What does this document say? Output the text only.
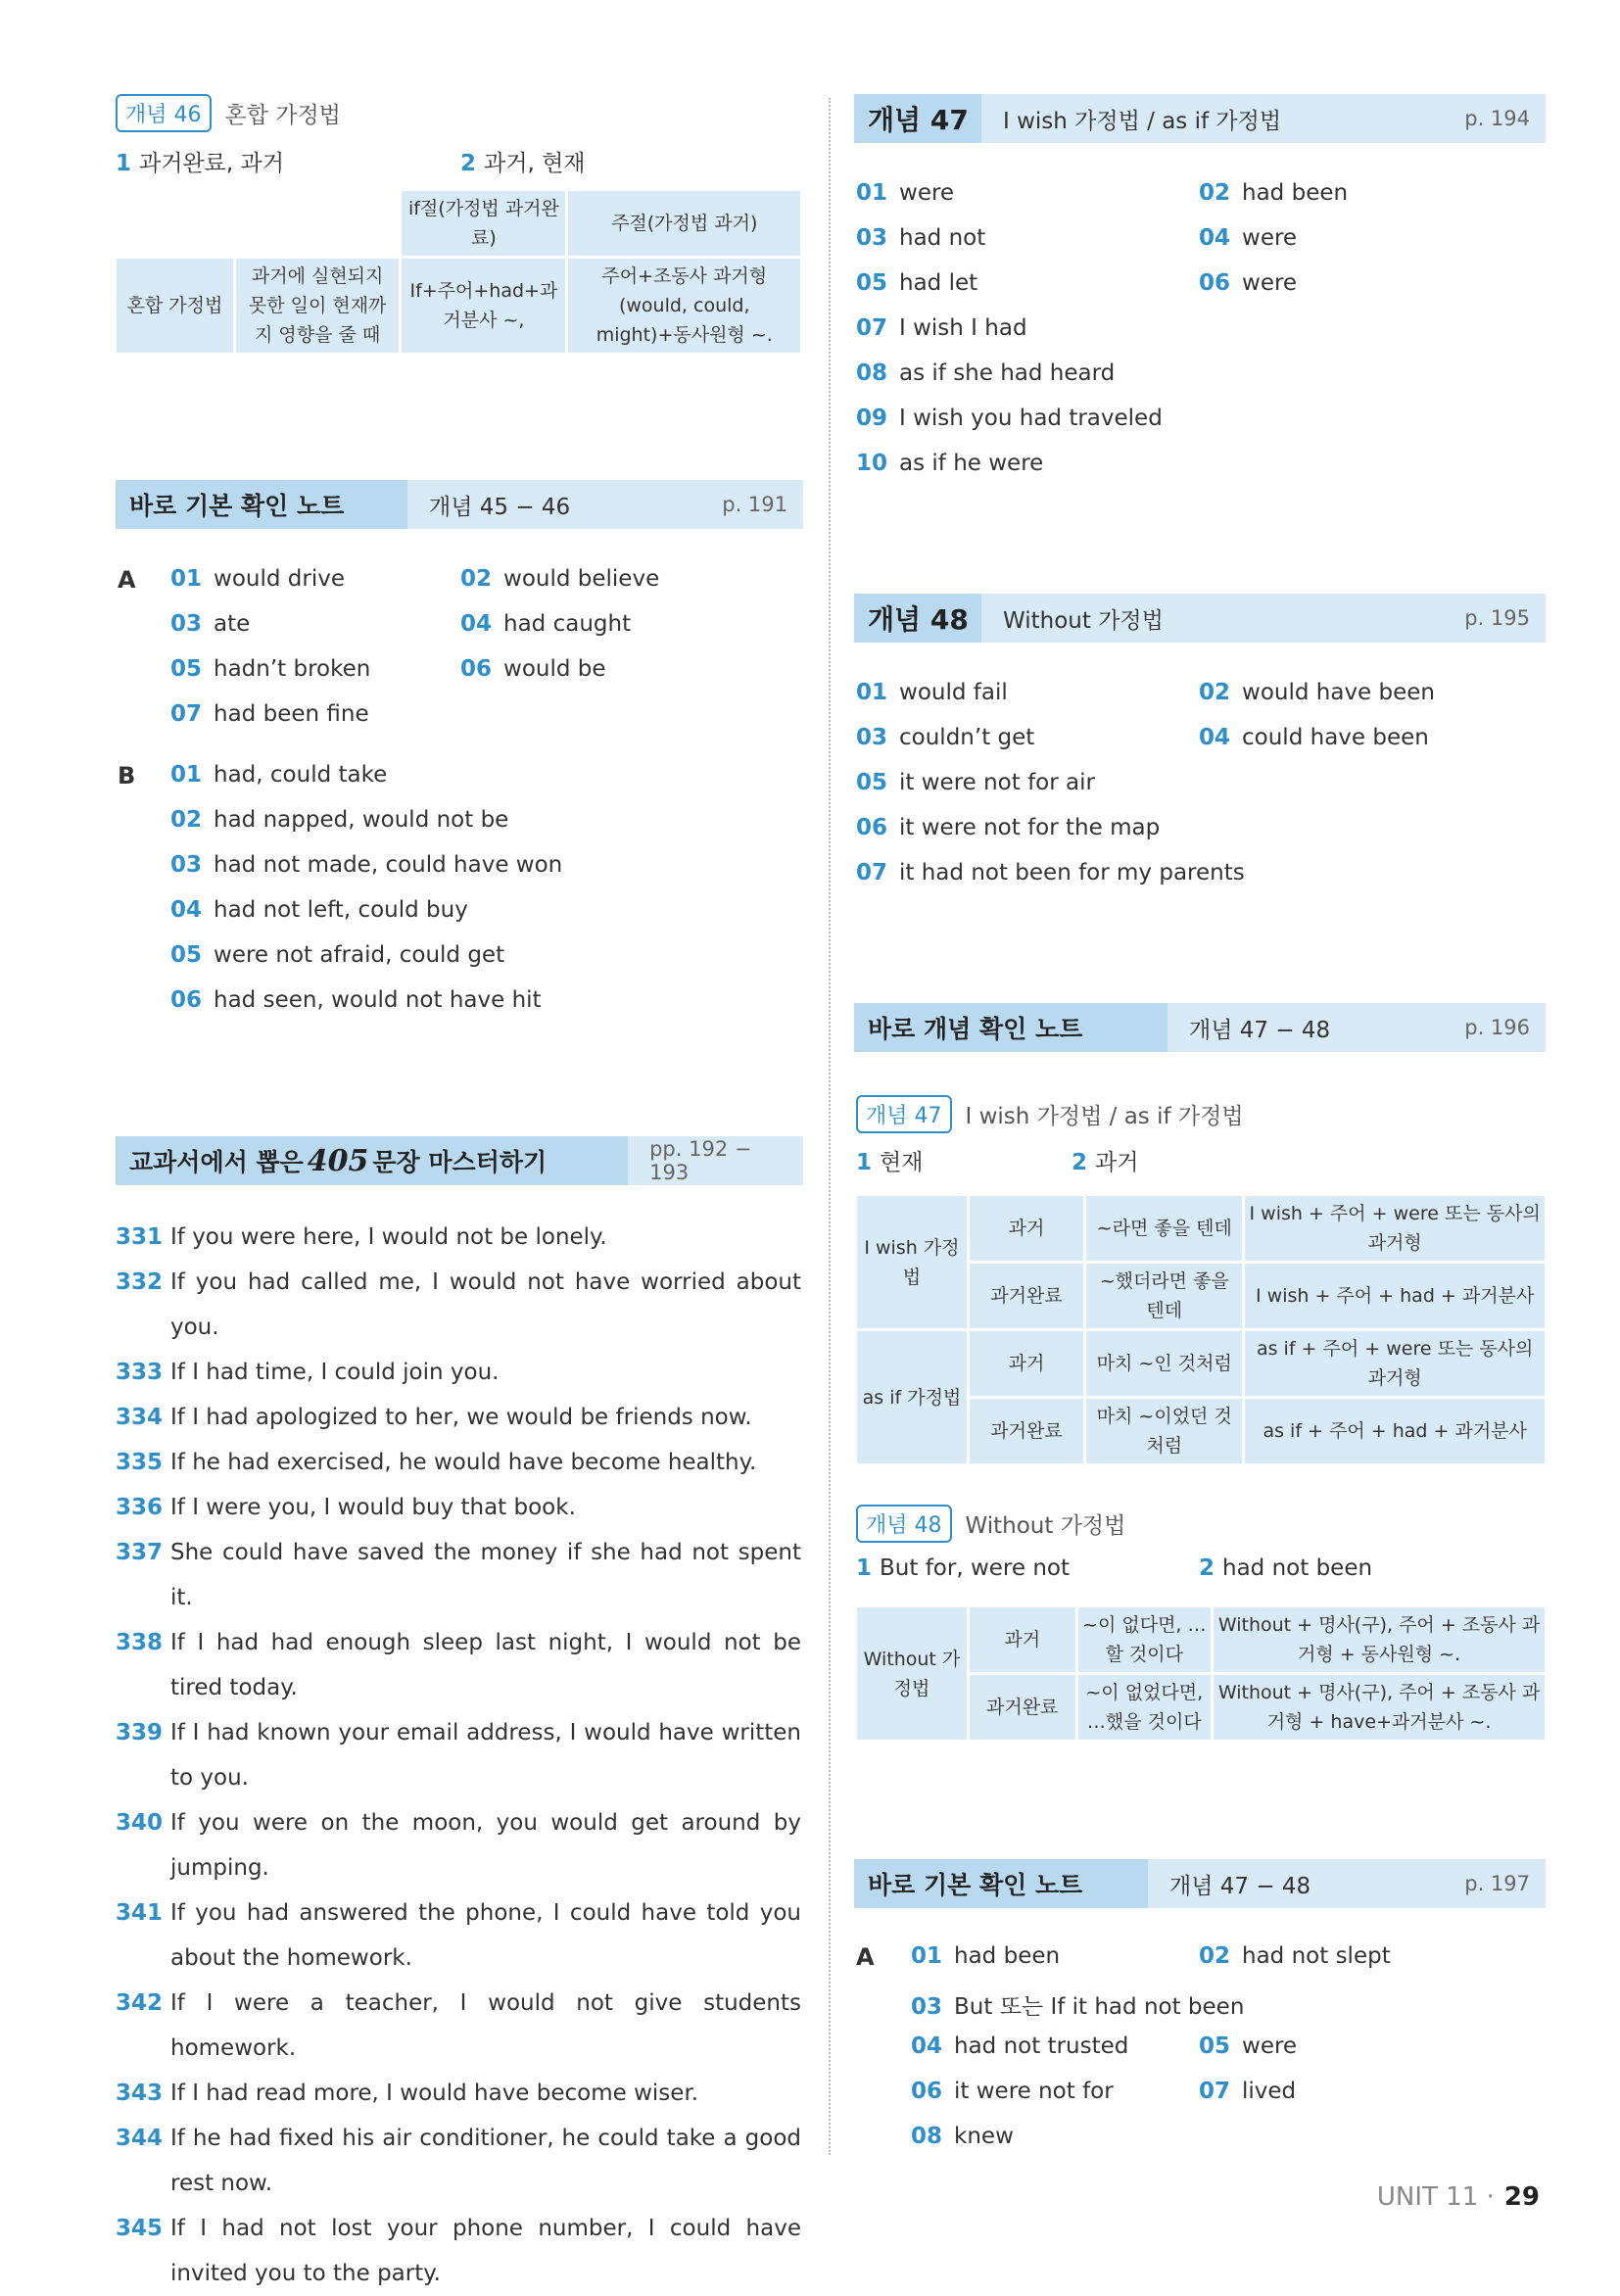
개념 46	혼합 가정법
1 과거완료, 과거	2 과거, 현재
		if절(가정법 과거완료)	주절(가정법 과거)
혼합 가정법	과거에 실현되지 못한 일이 현재까지 영향을 줄 때	If+주어+had+과거분사 ~,	주어+조동사 과거형 (would, could, might)+동사원형 ~.
바로 기본 확인 노트	개념 45 − 46	p. 191
A 01 would drive	02 would believe
03 ate	04 had caught
05 hadn’t broken	06 would be
07 had been fine
B 01 had, could take
02 had napped, would not be
03 had not made, could have won
04 had not left, could buy
05 were not afraid, could get
06 had seen, would not have hit
교과서에서 뽑은 405 문장 마스터하기	pp. 192 − 193
331 If you were here, I would not be lonely.
332 If you had called me, I would not have worried about you.
333 If I had time, I could join you.
334 If I had apologized to her, we would be friends now.
335 If he had exercised, he would have become healthy.
336 If I were you, I would buy that book.
337 She could have saved the money if she had not spent it.
338 If I had had enough sleep last night, I would not be tired today.
339 If I had known your email address, I would have written to you.
340 If you were on the moon, you would get around by jumping.
341 If you had answered the phone, I could have told you about the homework.
342 If I were a teacher, I would not give students homework.
343 If I had read more, I would have become wiser.
344 If he had fixed his air conditioner, he could take a good rest now.
345 If I had not lost your phone number, I could have invited you to the party.
개념 47	I wish 가정법 / as if 가정법	p. 194
01 were	02 had been
03 had not	04 were
05 had let	06 were
07 I wish I had
08 as if she had heard
09 I wish you had traveled
10 as if he were
개념 48	Without 가정법	p. 195
01 would fail	02 would have been
03 couldn’t get	04 could have been
05 it were not for air
06 it were not for the map
07 it had not been for my parents
바로 개념 확인 노트	개념 47 − 48	p. 196
개념 47	I wish 가정법 / as if 가정법
1 현재	2 과거
I wish 가정법	과거	~라면 좋을 텐데	I wish + 주어 + were 또는 동사의 과거형
	과거완료	~했더라면 좋을 텐데	I wish + 주어 + had + 과거분사
as if 가정법	과거	마치 ~인 것처럼	as if + 주어 + were 또는 동사의 과거형
	과거완료	마치 ~이었던 것처럼	as if + 주어 + had + 과거분사
개념 48	Without 가정법
1 But for, were not	2 had not been
Without 가정법	과거	~이 없다면, …할 것이다	Without + 명사(구), 주어 + 조동사 과거형 + 동사원형 ~.
	과거완료	~이 없었다면, …했을 것이다	Without + 명사(구), 주어 + 조동사 과거형 + have+과거분사 ~.
바로 기본 확인 노트	개념 47 − 48	p. 197
A 01 had been	02 had not slept
03 But 또는 If it had not been
04 had not trusted	05 were
06 it were not for	07 lived
08 knew
UNIT 11 · 29
